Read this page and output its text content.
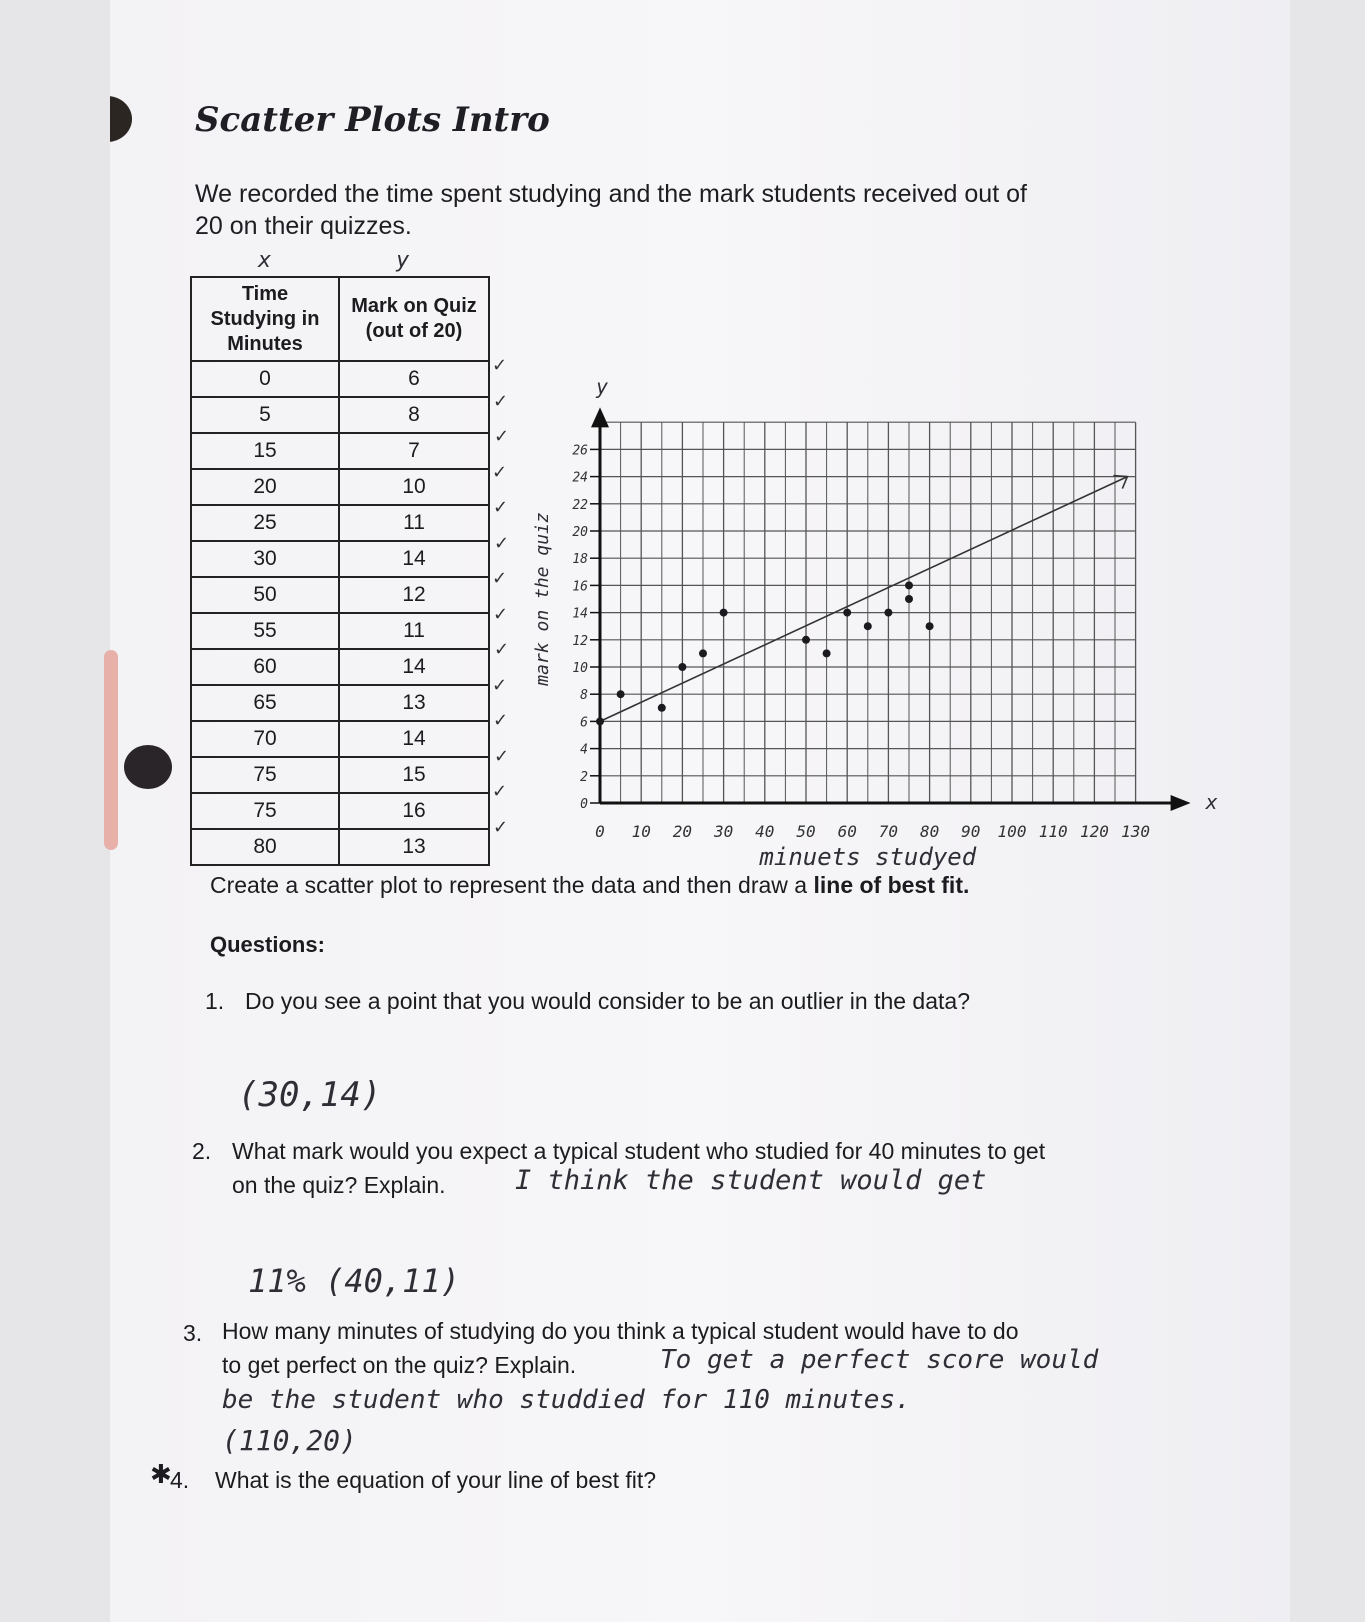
Scatter Plots Intro
We recorded the time spent studying and the mark students received out of
20 on their quizzes.
x	y
Time Studying in Minutes	Mark on Quiz (out of 20)
0	6
5	8
15	7
20	10
25	11
30	14
50	12
55	11
60	14
65	13
70	14
75	15
75	16
80	13
✓
✓
✓
✓
✓
✓
✓
✓
✓
✓
✓
✓
✓
✓	0 10 20 30 40 50 60 70 80 90 100 110 120 130
0
2
4
6
8
10
12
14
16
18
20
22
24
26
minuets studyed
mark on the quiz
x
y
Create a scatter plot to represent the data and then draw a line of best fit.
Questions:
1. Do you see a point that you would consider to be an outlier in the data?
(30,14)
2. What mark would you expect a typical student who studied for 40 minutes to get
on the quiz? Explain.	I think the student would get
11% (40,11)
3. How many minutes of studying do you think a typical student would have to do
to get perfect on the quiz? Explain.	To get a perfect score would
be the student who studdied for 110 minutes.
(110,20)
✱
4. What is the equation of your line of best fit?
